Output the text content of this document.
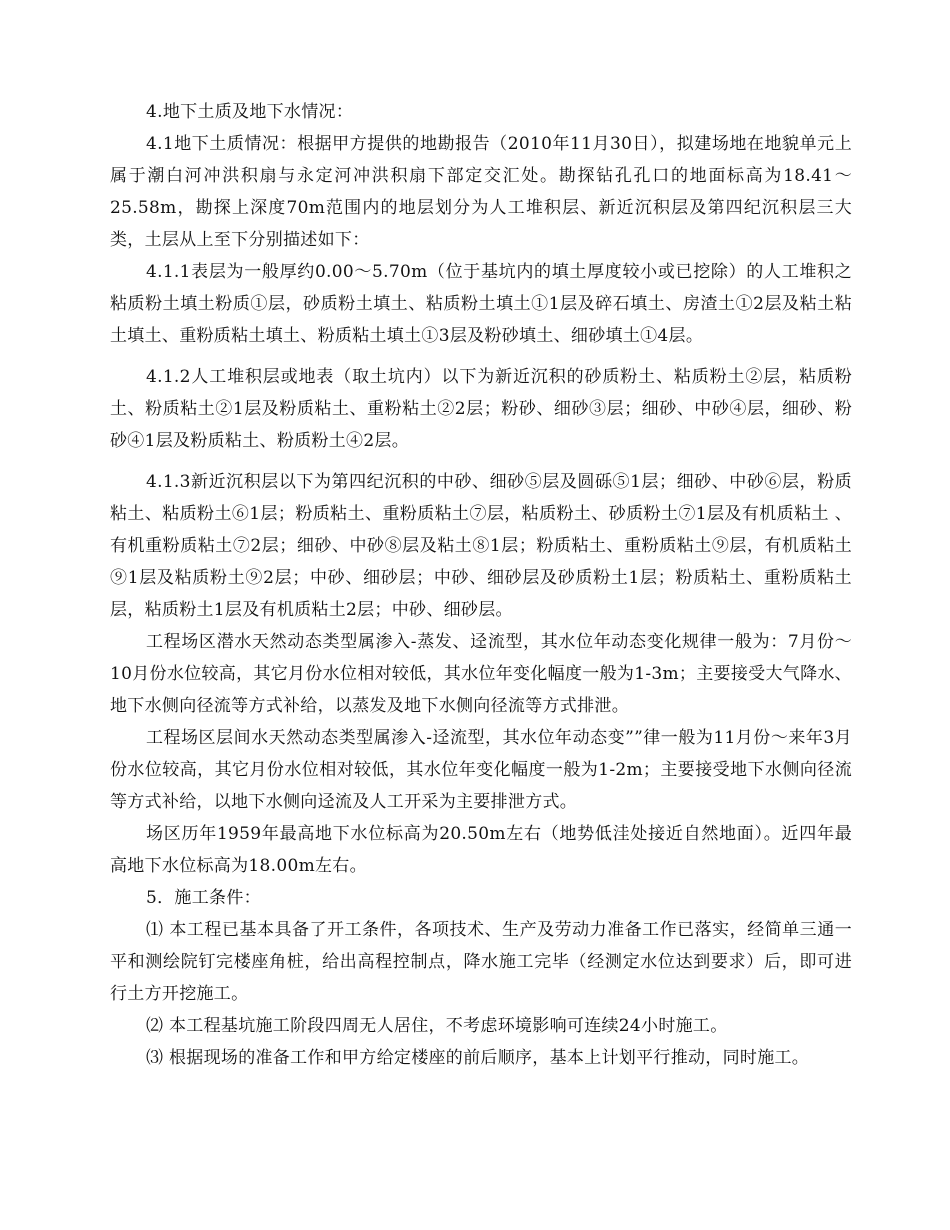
4.地下土质及地下水情况：

4.1地下土质情况：根据甲方提供的地勘报告（2010年11月30日），拟建场地在地貌单元上属于潮白河冲洪积扇与永定河冲洪积扇下部定交汇处。勘探钻孔孔口的地面标高为18.41～25.58m，勘探上深度70m范围内的地层划分为人工堆积层、新近沉积层及第四纪沉积层三大类，土层从上至下分别描述如下：

4.1.1表层为一般厚约0.00～5.70m（位于基坑内的填土厚度较小或已挖除）的人工堆积之粘质粉土填土粉质①层，砂质粉土填土、粘质粉土填土①1层及碎石填土、房渣土①2层及粘土粘土填土、重粉质粘土填土、粉质粘土填土①3层及粉砂填土、细砂填土①4层。

4.1.2人工堆积层或地表（取土坑内）以下为新近沉积的砂质粉土、粘质粉土②层，粘质粉土、粉质粘土②1层及粉质粘土、重粉粘土②2层；粉砂、细砂③层；细砂、中砂④层，细砂、粉砂④1层及粉质粘土、粉质粉土④2层。

4.1.3新近沉积层以下为第四纪沉积的中砂、细砂⑤层及圆砾⑤1层；细砂、中砂⑥层，粉质粘土、粘质粉土⑥1层；粉质粘土、重粉质粘土⑦层，粘质粉土、砂质粉土⑦1层及有机质粘土 、有机重粉质粘土⑦2层；细砂、中砂⑧层及粘土⑧1层；粉质粘土、重粉质粘土⑨层，有机质粘土⑨1层及粘质粉土⑨2层；中砂、细砂层；中砂、细砂层及砂质粉土1层；粉质粘土、重粉质粘土层，粘质粉土1层及有机质粘土2层；中砂、细砂层。

工程场区潜水天然动态类型属渗入-蒸发、迳流型，其水位年动态变化规律一般为：7月份～10月份水位较高，其它月份水位相对较低，其水位年变化幅度一般为1-3m；主要接受大气降水、地下水侧向径流等方式补给，以蒸发及地下水侧向径流等方式排泄。

工程场区层间水天然动态类型属渗入-迳流型，其水位年动态变””律一般为11月份～来年3月份水位较高，其它月份水位相对较低，其水位年变化幅度一般为1-2m；主要接受地下水侧向径流等方式补给，以地下水侧向迳流及人工开采为主要排泄方式。

场区历年1959年最高地下水位标高为20.50m左右（地势低洼处接近自然地面）。近四年最高地下水位标高为18.00m左右。

5．施工条件：

⑴ 本工程已基本具备了开工条件，各项技术、生产及劳动力准备工作已落实，经简单三通一平和测绘院钉完楼座角桩，给出高程控制点，降水施工完毕（经测定水位达到要求）后，即可进行土方开挖施工。

⑵ 本工程基坑施工阶段四周无人居住，不考虑环境影响可连续24小时施工。

⑶ 根据现场的准备工作和甲方给定楼座的前后顺序，基本上计划平行推动，同时施工。
